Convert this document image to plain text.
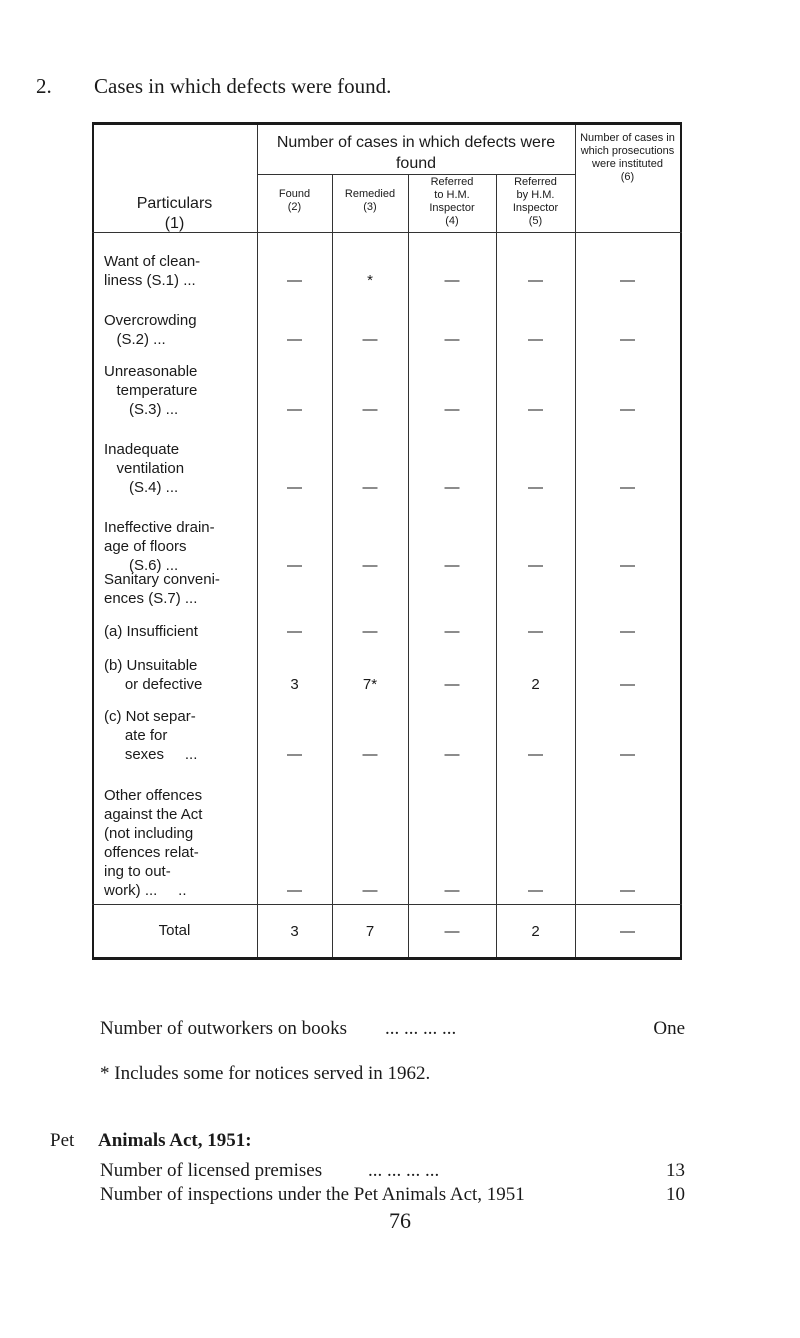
2. Cases in which defects were found.
Number of cases in which defects were found
Number of cases in which prosecutions were instituted
(6)
Particulars
(1)
Found
(2)
Remedied
(3)
Referred
to H.M.
Inspector
(4)
Referred
by H.M.
Inspector
(5)
Want of clean-
liness (S.1) ...	—	*	—	—	—
Overcrowding
(S.2) ...	—	—	—	—	—
Unreasonable
temperature
(S.3) ...	—	—	—	—	—
Inadequate
ventilation
(S.4) ...	—	—	—	—	—
Ineffective drain-
age of floors
(S.6) ...	—	—	—	—	—
Sanitary conveni-
ences (S.7) ...
(a) Insufficient	—	—	—	—	—
(b) Unsuitable
or defective	3	7*	—	2	—
(c) Not separ-
ate for
sexes     ...	—	—	—	—	—
Other offences
against the Act
(not including
offences relat-
ing to out-
work) ...     ..	—	—	—	—	—
Total	3	7	—	2	—
Number of outworkers on books ... ... ... ...	One
* Includes some for notices served in 1962.
Pet Animals Act, 1951:
Number of licensed premises ... ... ... ...	13
Number of inspections under the Pet Animals Act, 1951	10
76
